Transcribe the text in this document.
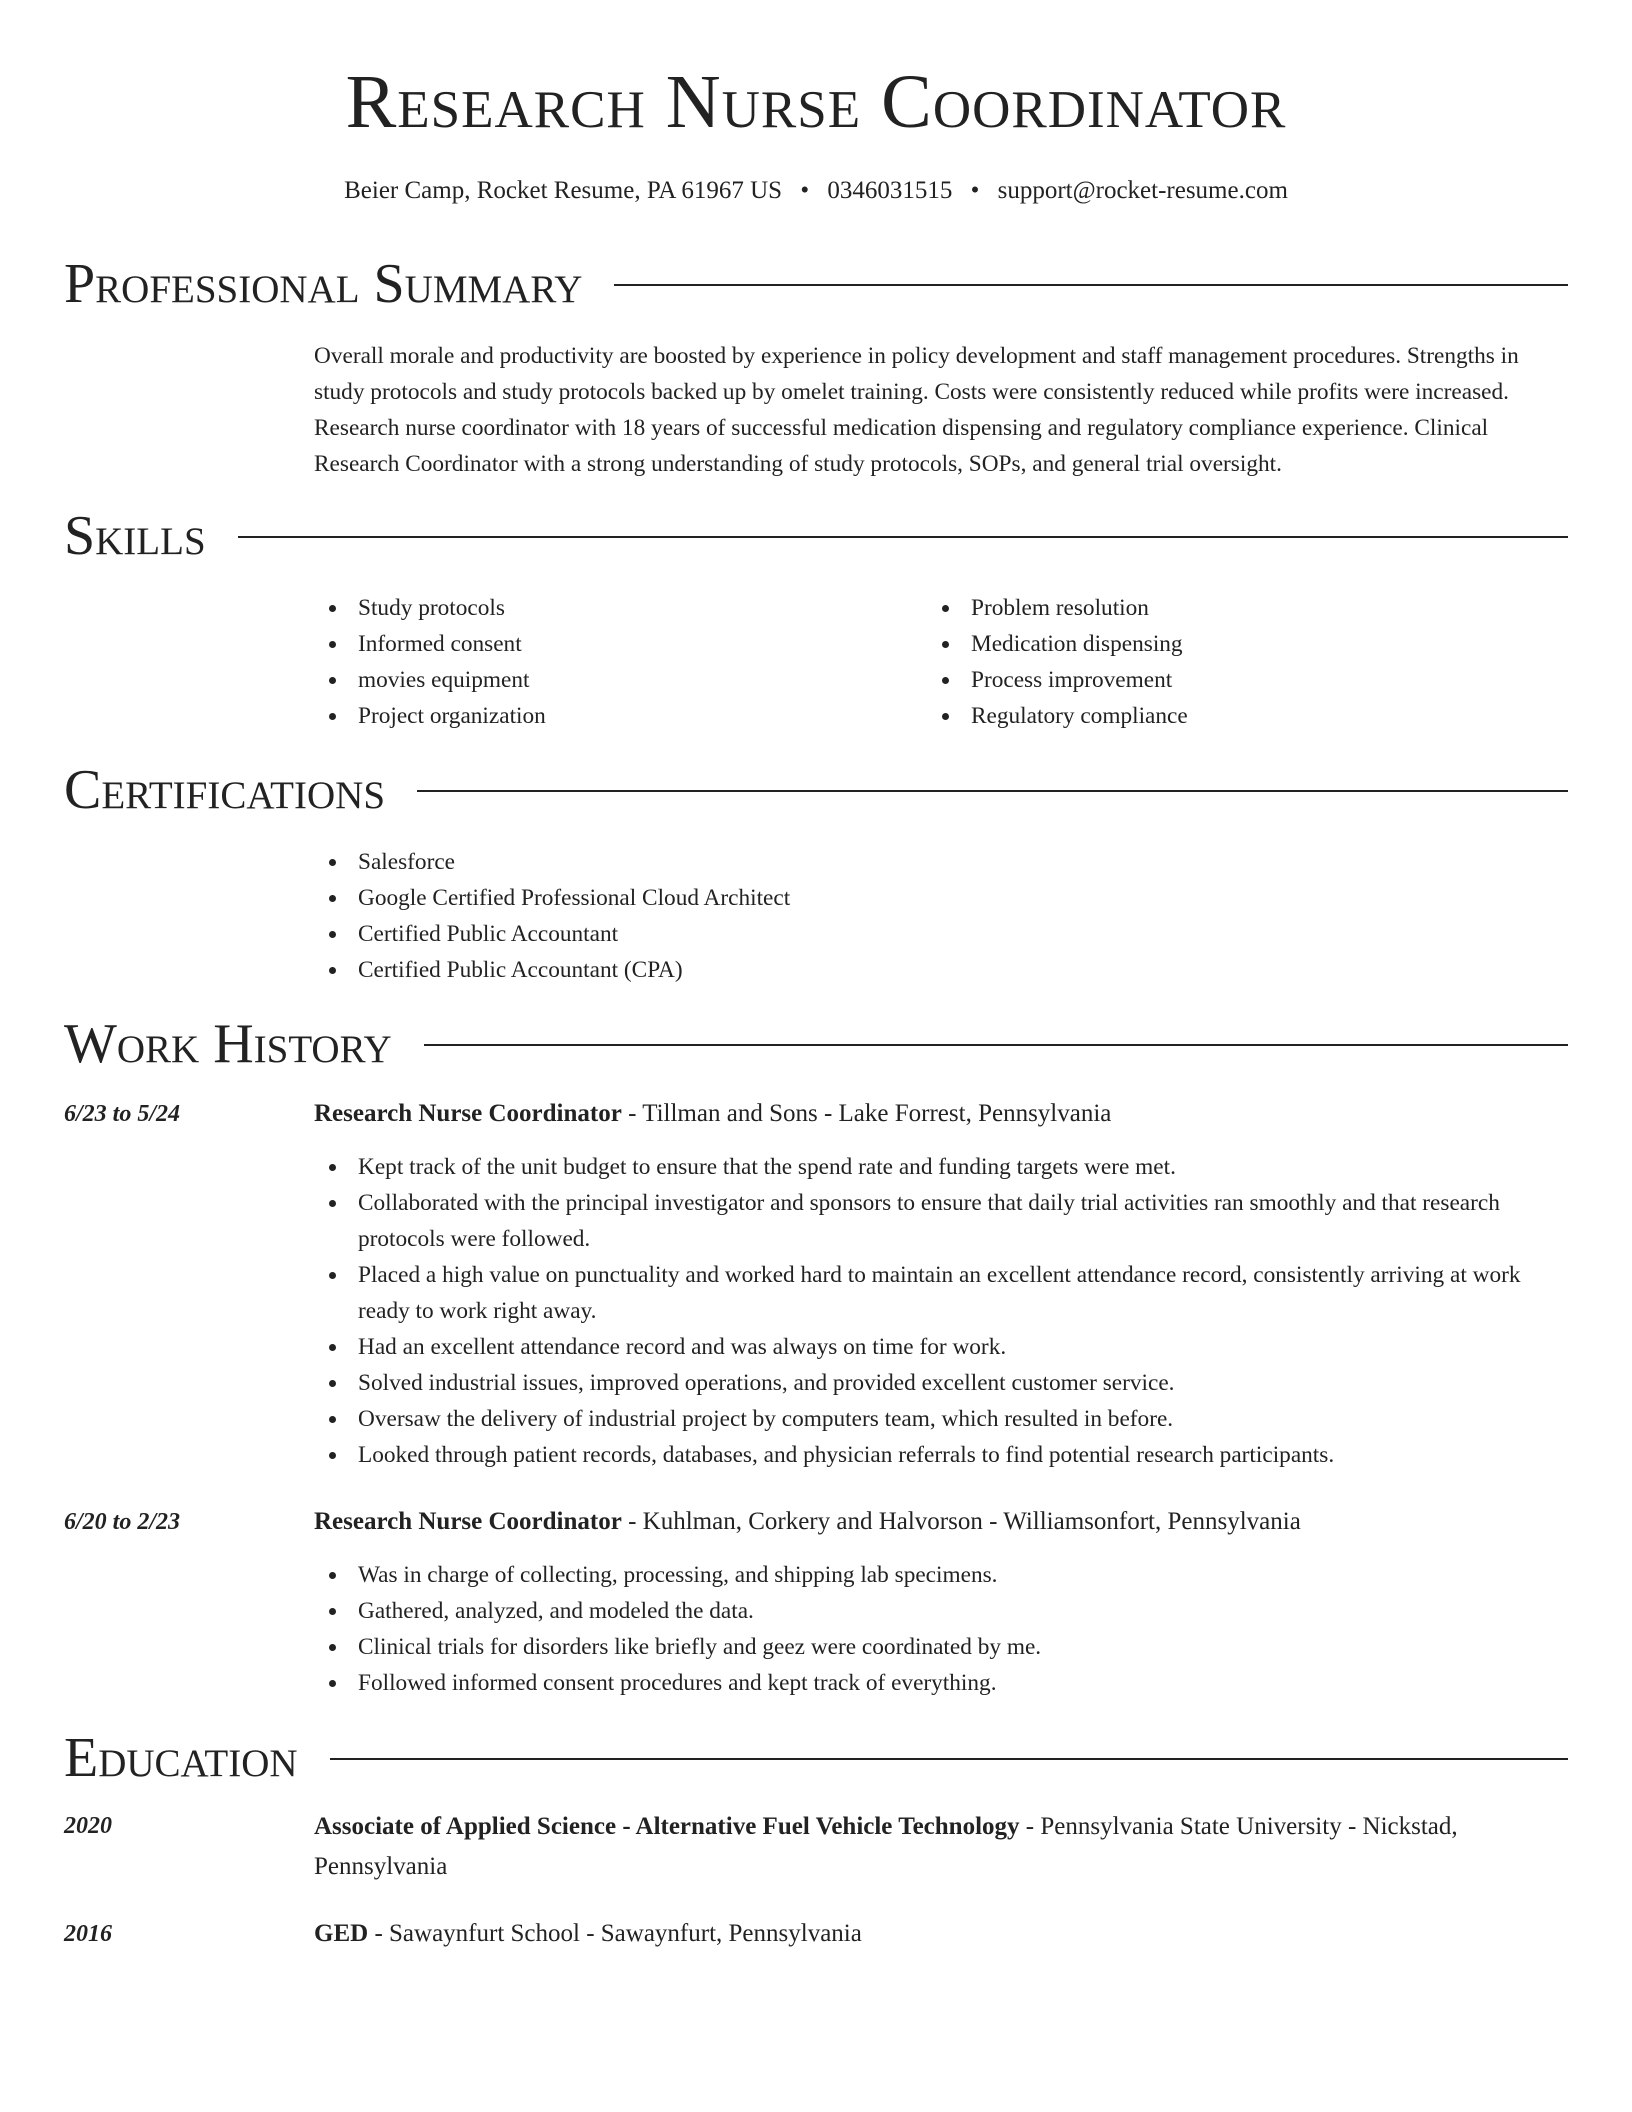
Research Nurse Coordinator
Beier Camp, Rocket Resume, PA 61967 US • 0346031515 • support@rocket-resume.com
Professional Summary

Overall morale and productivity are boosted by experience in policy development and staff management procedures. Strengths in study protocols and study protocols backed up by omelet training. Costs were consistently reduced while profits were increased. Research nurse coordinator with 18 years of successful medication dispensing and regulatory compliance experience. Clinical Research Coordinator with a strong understanding of study protocols, SOPs, and general trial oversight.

Skills
Study protocols
Informed consent
movies equipment
Project organization
Problem resolution
Medication dispensing
Process improvement
Regulatory compliance
Certifications
Salesforce
Google Certified Professional Cloud Architect
Certified Public Accountant
Certified Public Accountant (CPA)
Work History
6/23 to 5/24	Research Nurse Coordinator - Tillman and Sons - Lake Forrest, Pennsylvania
Kept track of the unit budget to ensure that the spend rate and funding targets were met.
Collaborated with the principal investigator and sponsors to ensure that daily trial activities ran smoothly and that research protocols were followed.
Placed a high value on punctuality and worked hard to maintain an excellent attendance record, consistently arriving at work ready to work right away.
Had an excellent attendance record and was always on time for work.
Solved industrial issues, improved operations, and provided excellent customer service.
Oversaw the delivery of industrial project by computers team, which resulted in before.
Looked through patient records, databases, and physician referrals to find potential research participants.
6/20 to 2/23	Research Nurse Coordinator - Kuhlman, Corkery and Halvorson - Williamsonfort, Pennsylvania
Was in charge of collecting, processing, and shipping lab specimens.
Gathered, analyzed, and modeled the data.
Clinical trials for disorders like briefly and geez were coordinated by me.
Followed informed consent procedures and kept track of everything.
Education
2020	Associate of Applied Science - Alternative Fuel Vehicle Technology - Pennsylvania State University - Nickstad, Pennsylvania
2016	GED - Sawaynfurt School - Sawaynfurt, Pennsylvania
